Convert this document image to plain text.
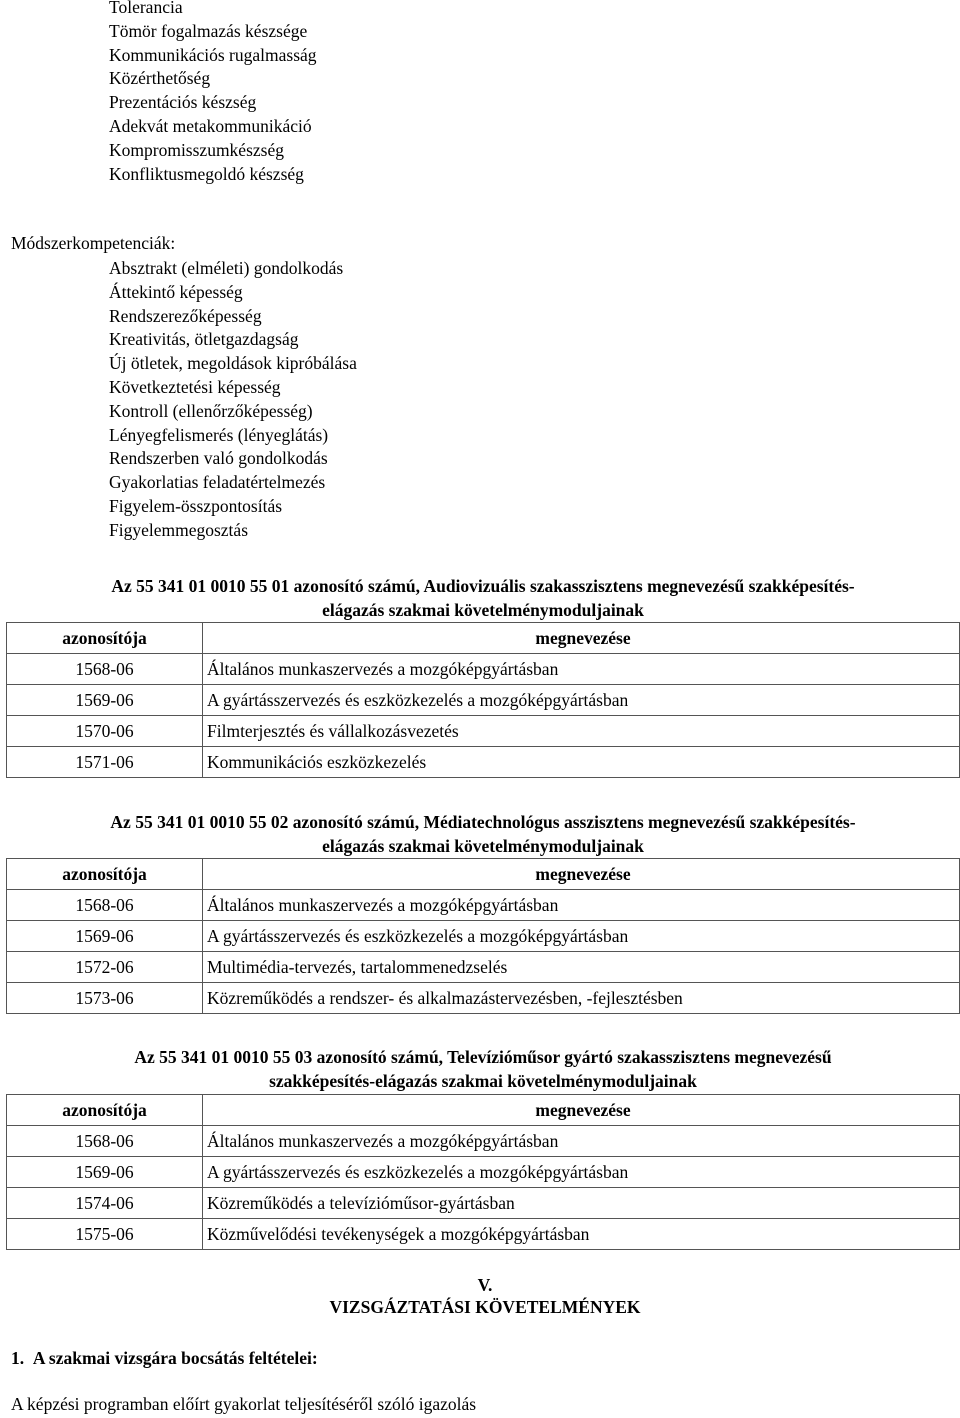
Tolerancia
Tömör fogalmazás készsége
Kommunikációs rugalmasság
Közérthetőség
Prezentációs készség
Adekvát metakommunikáció
Kompromisszumkészség
Konfliktusmegoldó készség
Módszerkompetenciák:
Absztrakt (elméleti) gondolkodás
Áttekintő képesség
Rendszerezőképesség
Kreativitás, ötletgazdagság
Új ötletek, megoldások kipróbálása
Következtetési képesség
Kontroll (ellenőrzőképesség)
Lényegfelismerés (lényeglátás)
Rendszerben való gondolkodás
Gyakorlatias feladatértelmezés
Figyelem-összpontosítás
Figyelemmegosztás
Az 55 341 01 0010 55 01 azonosító számú, Audiovizuális szakasszisztens megnevezésű szakképesítés-
elágazás szakmai követelménymoduljainak
azonosítója	megnevezése
1568-06	Általános munkaszervezés a mozgóképgyártásban
1569-06	A gyártásszervezés és eszközkezelés a mozgóképgyártásban
1570-06	Filmterjesztés és vállalkozásvezetés
1571-06	Kommunikációs eszközkezelés
Az 55 341 01 0010 55 02 azonosító számú, Médiatechnológus asszisztens megnevezésű szakképesítés-
elágazás szakmai követelménymoduljainak
azonosítója	megnevezése
1568-06	Általános munkaszervezés a mozgóképgyártásban
1569-06	A gyártásszervezés és eszközkezelés a mozgóképgyártásban
1572-06	Multimédia-tervezés, tartalommenedzselés
1573-06	Közreműködés a rendszer- és alkalmazástervezésben, -fejlesztésben
Az 55 341 01 0010 55 03 azonosító számú, Televízióműsor gyártó szakasszisztens megnevezésű
szakképesítés-elágazás szakmai követelménymoduljainak
azonosítója	megnevezése
1568-06	Általános munkaszervezés a mozgóképgyártásban
1569-06	A gyártásszervezés és eszközkezelés a mozgóképgyártásban
1574-06	Közreműködés a televízióműsor-gyártásban
1575-06	Közművelődési tevékenységek a mozgóképgyártásban
V.
VIZSGÁZTATÁSI KÖVETELMÉNYEK
1. A szakmai vizsgára bocsátás feltételei:
A képzési programban előírt gyakorlat teljesítéséről szóló igazolás
